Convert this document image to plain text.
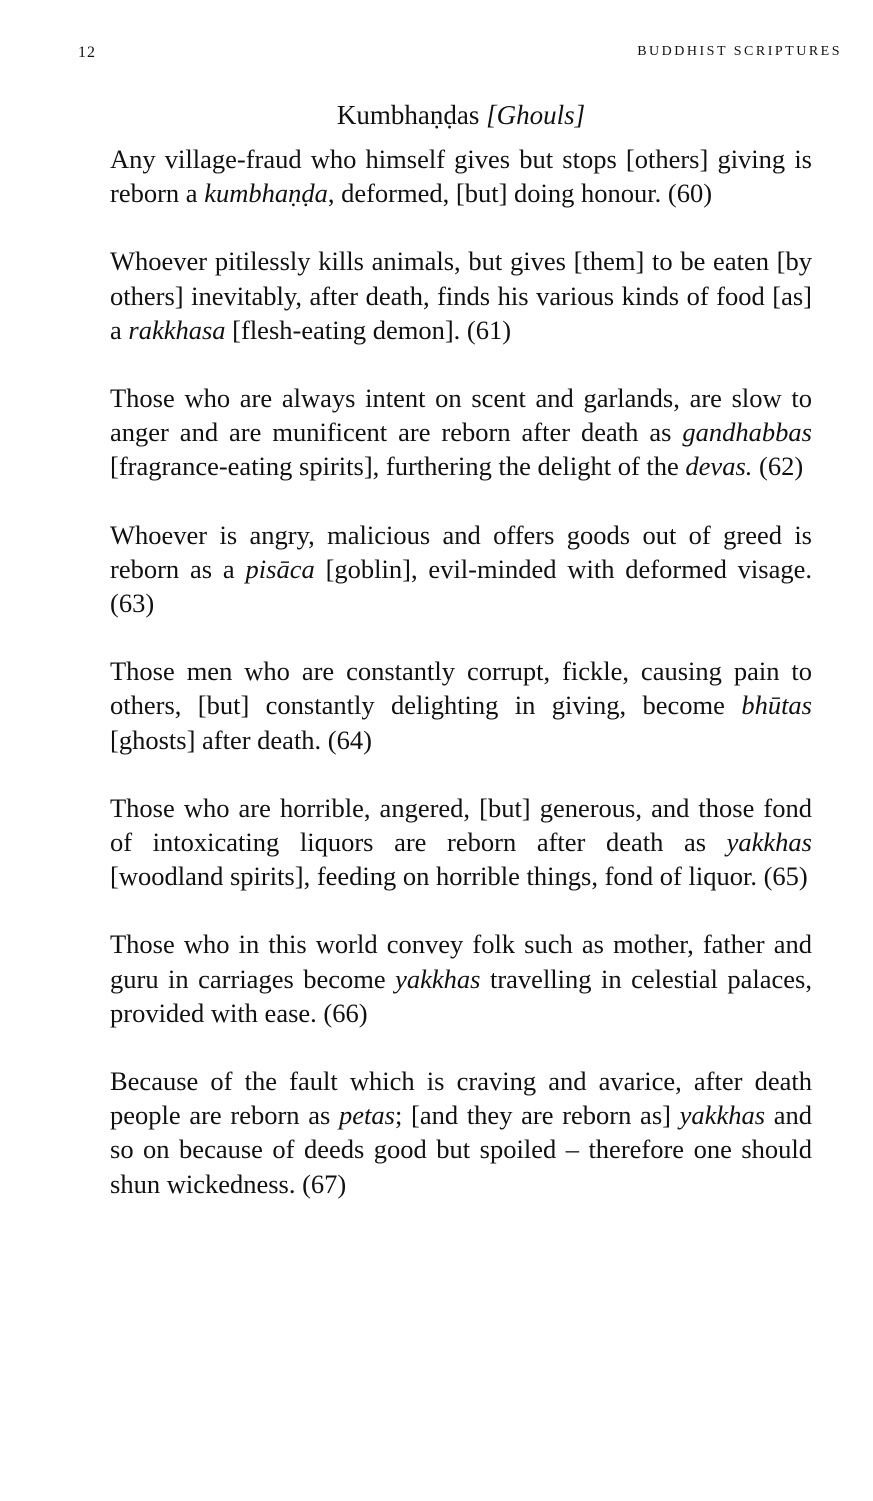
12	BUDDHIST SCRIPTURES
Kumbhaṇḍas [Ghouls]

Any village-fraud who himself gives but stops [others] giving is reborn a kumbhaṇḍa, deformed, [but] doing honour. (60)

Whoever pitilessly kills animals, but gives [them] to be eaten [by others] inevitably, after death, finds his various kinds of food [as] a rakkhasa [flesh-eating demon]. (61)

Those who are always intent on scent and garlands, are slow to anger and are munificent are reborn after death as gandhabbas [fragrance-eating spirits], furthering the delight of the devas. (62)

Whoever is angry, malicious and offers goods out of greed is reborn as a pisāca [goblin], evil-minded with deformed visage. (63)

Those men who are constantly corrupt, fickle, causing pain to others, [but] constantly delighting in giving, become bhūtas [ghosts] after death. (64)

Those who are horrible, angered, [but] generous, and those fond of intoxicating liquors are reborn after death as yakkhas [woodland spirits], feeding on horrible things, fond of liquor. (65)

Those who in this world convey folk such as mother, father and guru in carriages become yakkhas travelling in celestial palaces, provided with ease. (66)

Because of the fault which is craving and avarice, after death people are reborn as petas; [and they are reborn as] yakkhas and so on because of deeds good but spoiled – therefore one should shun wickedness. (67)
